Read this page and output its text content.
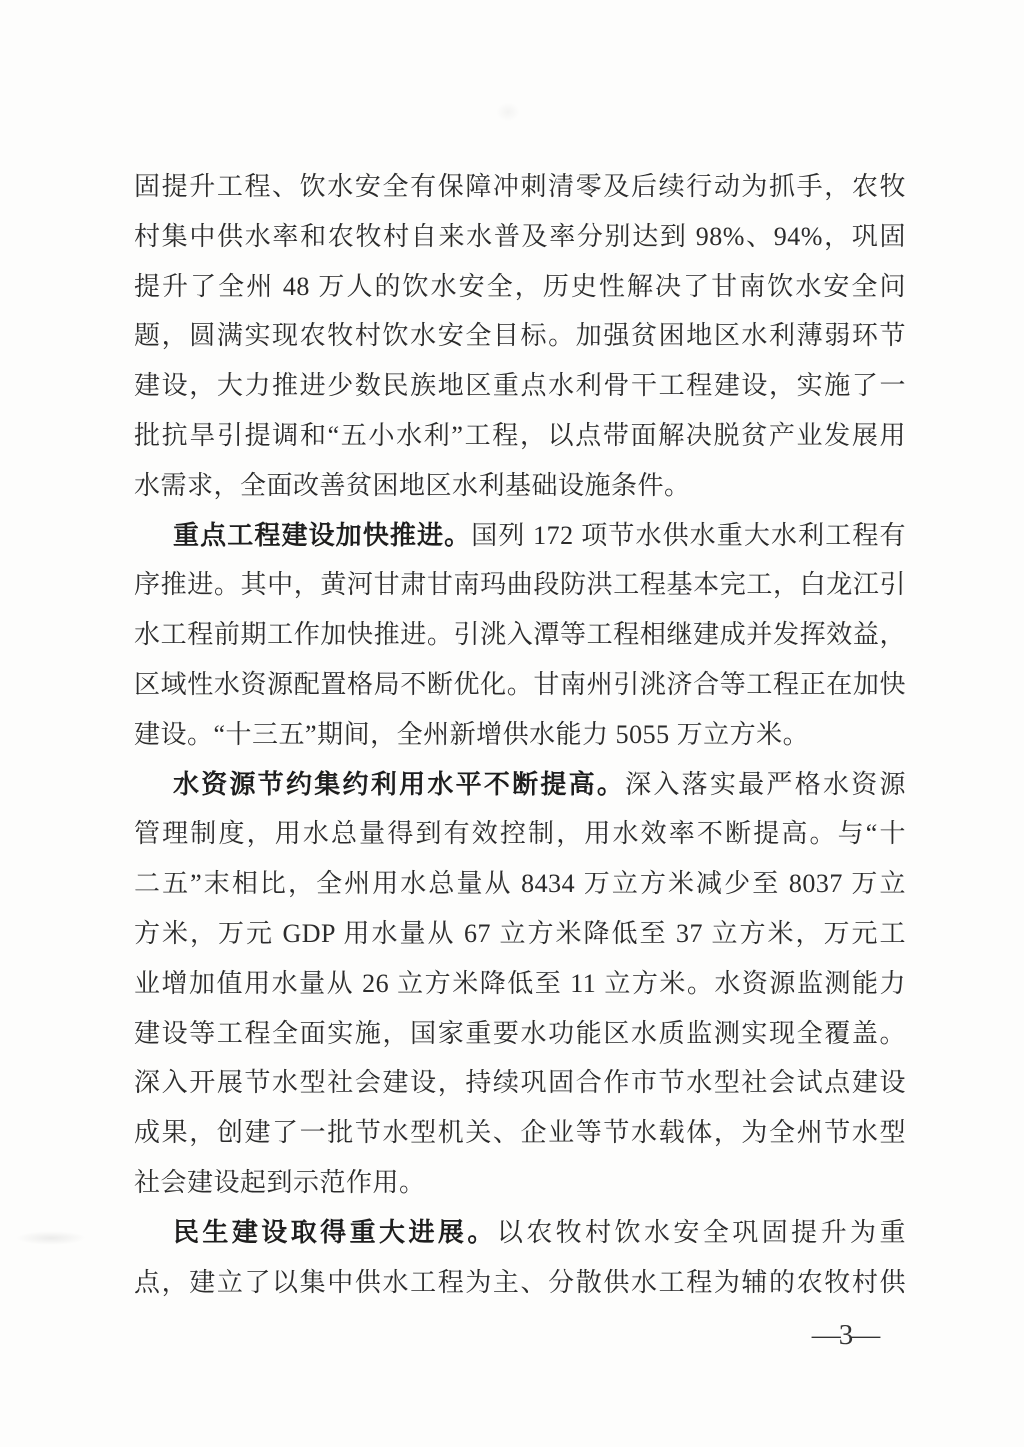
固提升工程、饮水安全有保障冲刺清零及后续行动为抓手，农牧
村集中供水率和农牧村自来水普及率分别达到 98%、94%，巩固
提升了全州 48 万人的饮水安全，历史性解决了甘南饮水安全问
题，圆满实现农牧村饮水安全目标。加强贫困地区水利薄弱环节
建设，大力推进少数民族地区重点水利骨干工程建设，实施了一
批抗旱引提调和“五小水利”工程，以点带面解决脱贫产业发展用
水需求，全面改善贫困地区水利基础设施条件。
重点工程建设加快推进。国列 172 项节水供水重大水利工程有
序推进。其中，黄河甘肃甘南玛曲段防洪工程基本完工，白龙江引
水工程前期工作加快推进。引洮入潭等工程相继建成并发挥效益，
区域性水资源配置格局不断优化。甘南州引洮济合等工程正在加快
建设。“十三五”期间，全州新增供水能力 5055 万立方米。
水资源节约集约利用水平不断提高。深入落实最严格水资源
管理制度，用水总量得到有效控制，用水效率不断提高。与“十
二五”末相比，全州用水总量从 8434 万立方米减少至 8037 万立
方米，万元 GDP 用水量从 67 立方米降低至 37 立方米，万元工
业增加值用水量从 26 立方米降低至 11 立方米。水资源监测能力
建设等工程全面实施，国家重要水功能区水质监测实现全覆盖。
深入开展节水型社会建设，持续巩固合作市节水型社会试点建设
成果，创建了一批节水型机关、企业等节水载体，为全州节水型
社会建设起到示范作用。
民生建设取得重大进展。以农牧村饮水安全巩固提升为重
点，建立了以集中供水工程为主、分散供水工程为辅的农牧村供
—3—
